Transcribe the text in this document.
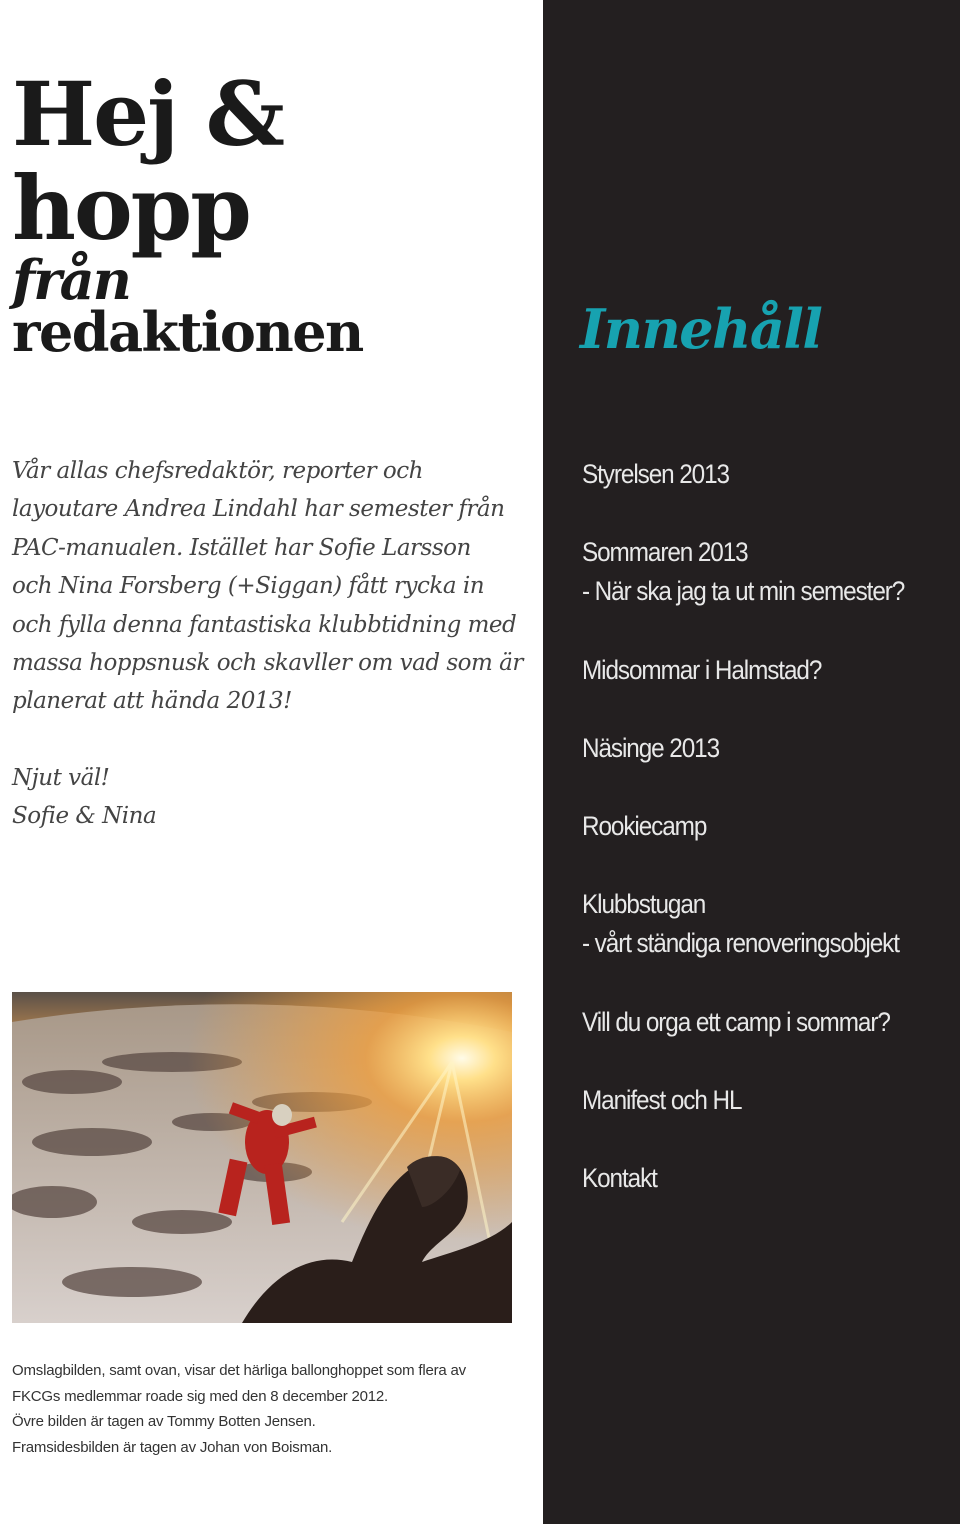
Hej &
hopp
från
redaktionen

Vår allas chefsredaktör, reporter och

layoutare Andrea Lindahl har semester från

PAC-manualen. Istället har Sofie Larsson

och Nina Forsberg (+Siggan) fått rycka in

och fylla denna fantastiska klubbtidning med

massa hoppsnusk och skavller om vad som är

planerat att hända 2013!

Njut väl!
Sofie & Nina
Omslagbilden, samt ovan, visar det härliga ballonghoppet som flera av
FKCGs medlemmar roade sig med den 8 december 2012.
Övre bilden är tagen av Tommy Botten Jensen.
Framsidesbilden är tagen av Johan von Boisman.
Innehåll
Styrelsen 2013
Sommaren 2013
- När ska jag ta ut min semester?
Midsommar i Halmstad?
Näsinge 2013
Rookiecamp
Klubbstugan
- vårt ständiga renoveringsobjekt
Vill du orga ett camp i sommar?
Manifest och HL
Kontakt
